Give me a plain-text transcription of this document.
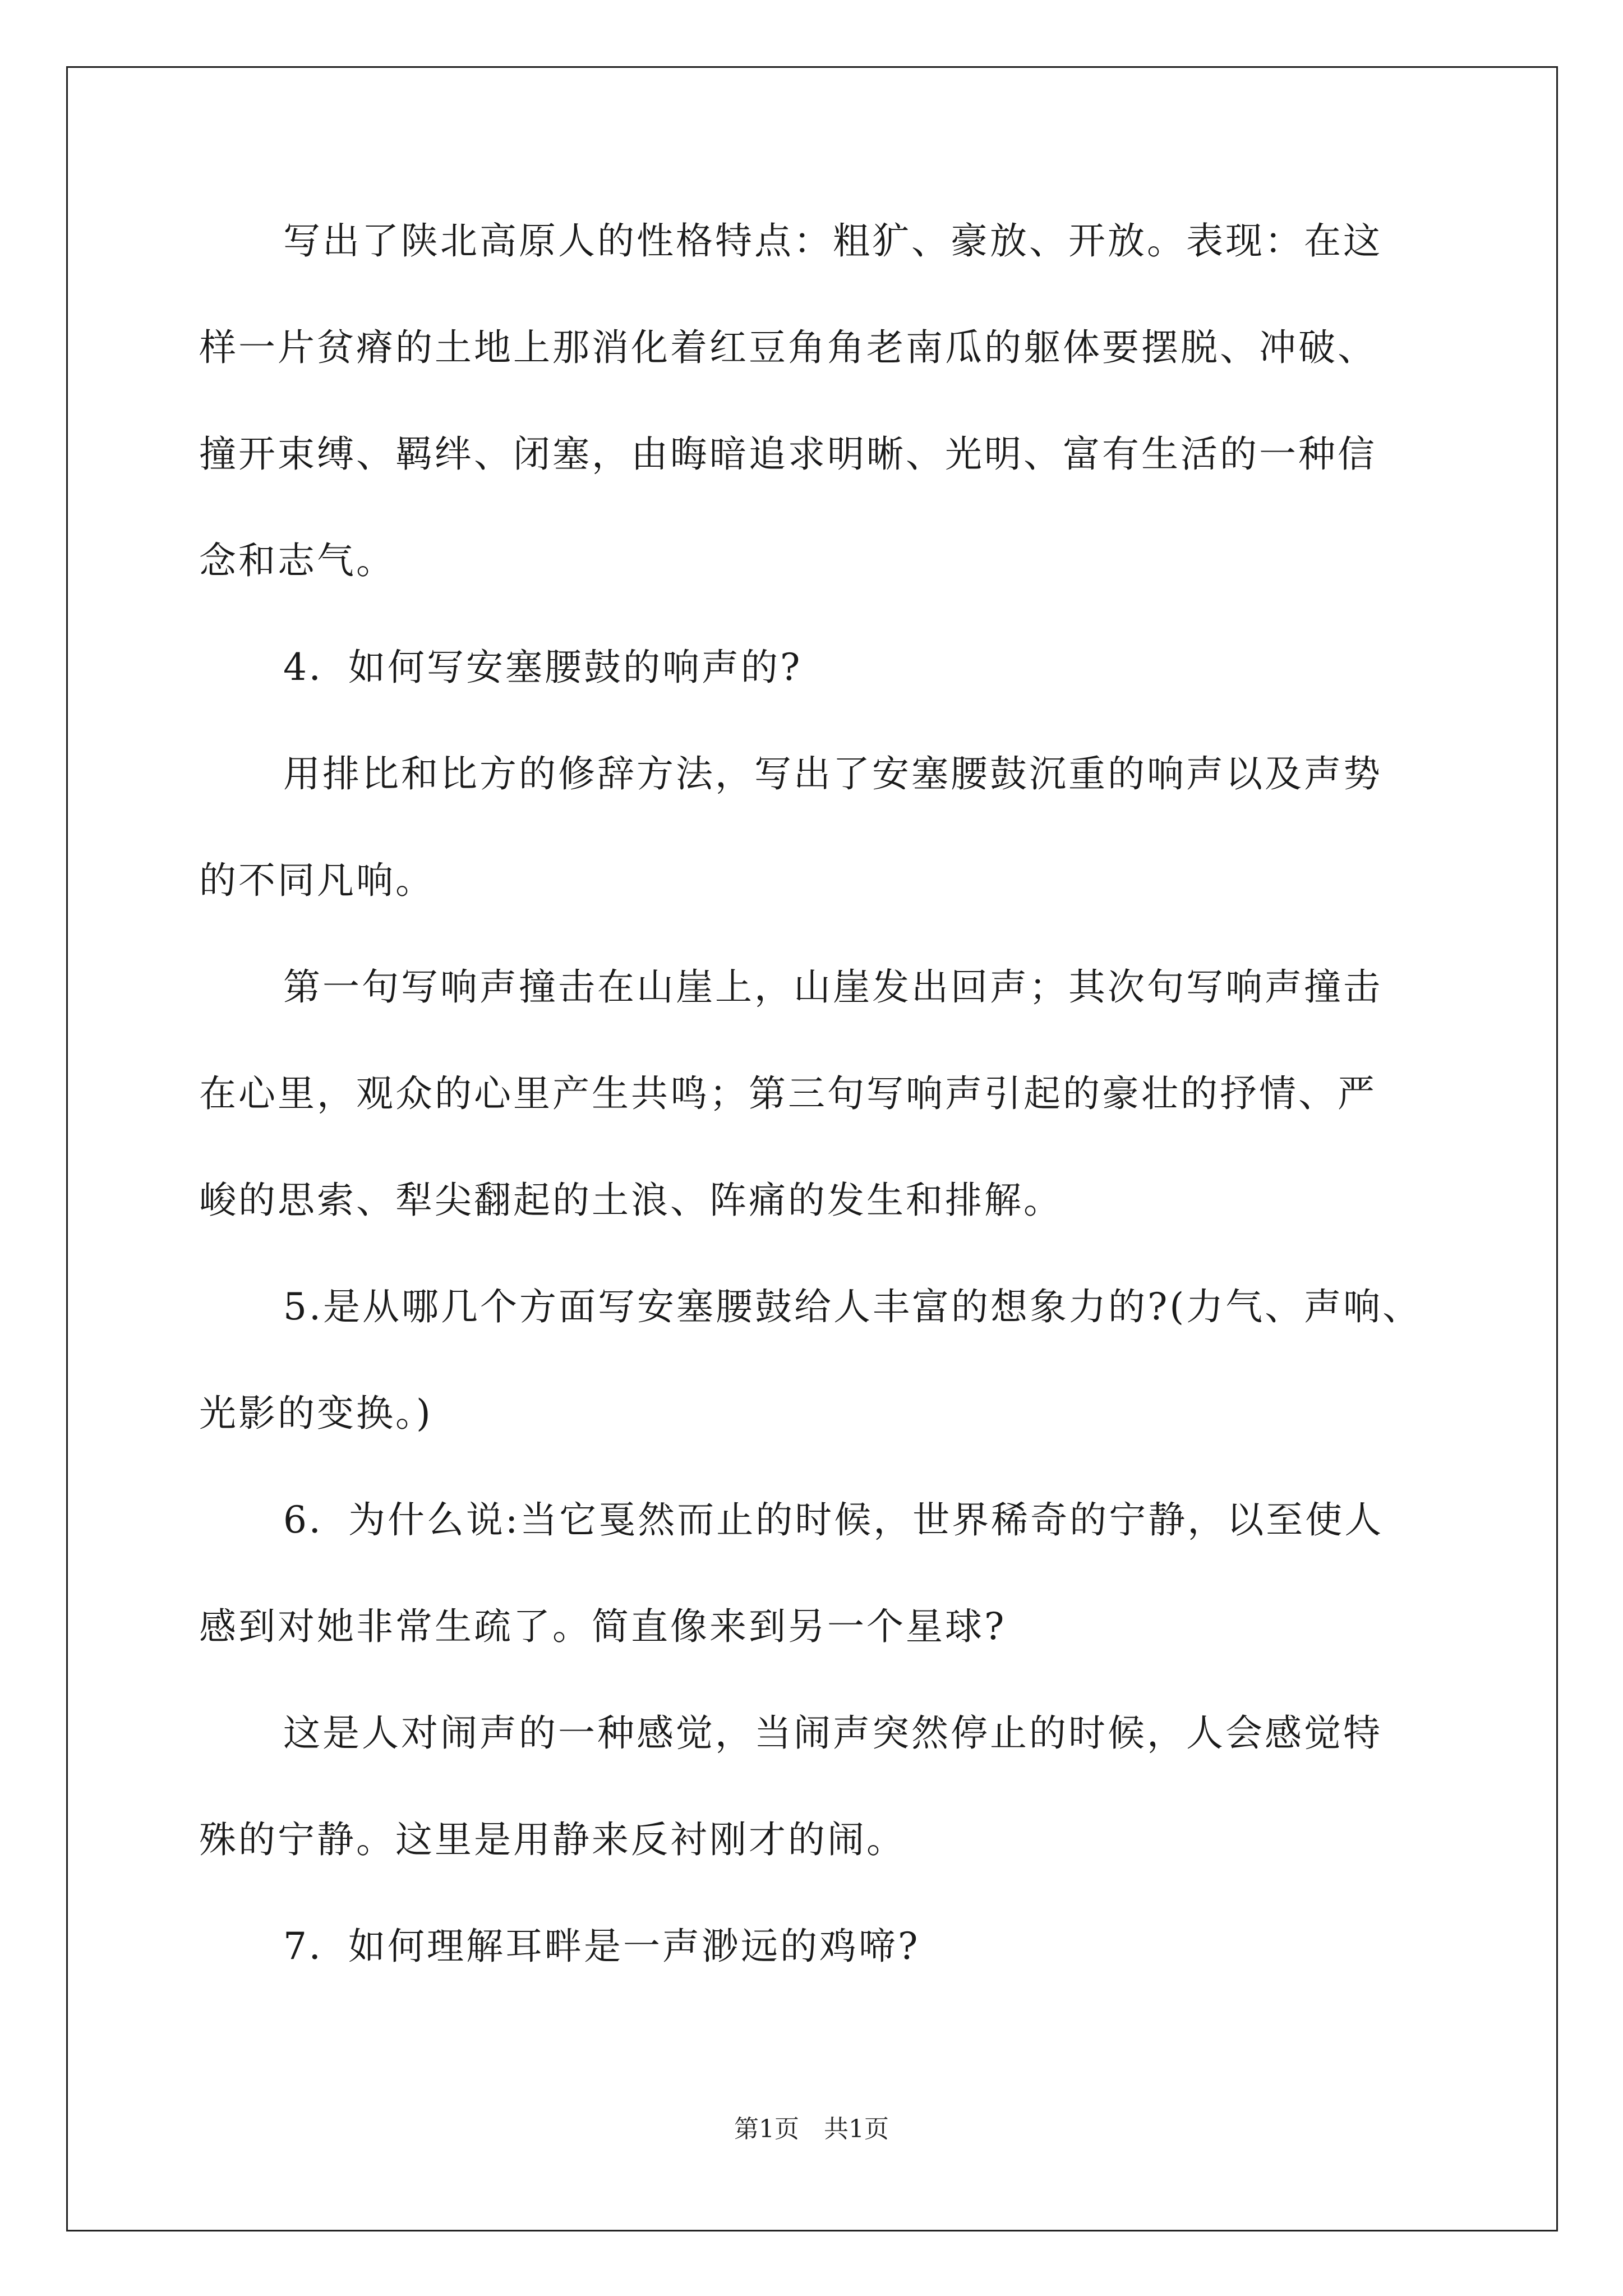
写出了陕北高原人的性格特点：粗犷、豪放、开放。表现：在这
样一片贫瘠的土地上那消化着红豆角角老南瓜的躯体要摆脱、冲破、
撞开束缚、羁绊、闭塞，由晦暗追求明晰、光明、富有生活的一种信
念和志气。
4．如何写安塞腰鼓的响声的?
用排比和比方的修辞方法，写出了安塞腰鼓沉重的响声以及声势
的不同凡响。
第一句写响声撞击在山崖上，山崖发出回声；其次句写响声撞击
在心里，观众的心里产生共鸣；第三句写响声引起的豪壮的抒情、严
峻的思索、犁尖翻起的土浪、阵痛的发生和排解。
5.是从哪几个方面写安塞腰鼓给人丰富的想象力的?(力气、声响、
光影的变换。)
6．为什么说:当它戛然而止的时候，世界稀奇的宁静，以至使人
感到对她非常生疏了。简直像来到另一个星球?
这是人对闹声的一种感觉，当闹声突然停止的时候，人会感觉特
殊的宁静。这里是用静来反衬刚才的闹。
7．如何理解耳畔是一声渺远的鸡啼?
第1页　共1页
